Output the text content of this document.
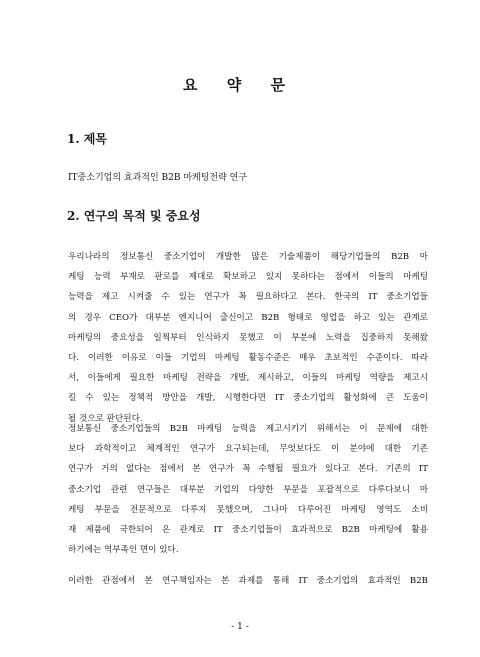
요 약 문
1. 제목
IT중소기업의 효과적인 B2B 마케팅전략 연구
2. 연구의 목적 및 중요성
우리나라의 정보통신 중소기업이 개발한 많은 기술제품이 해당기업들의 B2B 마
케팅 능력 부재로 판로를 제대로 확보하고 있지 못하다는 점에서 이들의 마케팅
능력을 제고 시켜줄 수 있는 연구가 꼭 필요하다고 본다. 한국의 IT 중소기업들
의 경우 CEO가 대부분 엔지니어 출신이고 B2B 형태로 영업을 하고 있는 관계로
마케팅의 중요성을 일찍부터 인식하지 못했고 이 부분에 노력을 집중하지 못해왔
다. 이러한 이유로 이들 기업의 마케팅 활동수준은 매우 초보적인 수준이다. 따라
서, 이들에게 필요한 마케팅 전략을 개발, 제시하고, 이들의 마케팅 역량을 제고시
킬 수 있는 정책적 방안을 개발, 시행한다면 IT 중소기업의 활성화에 큰 도움이
될 것으로 판단된다.
정보통신 중소기업들의 B2B 마케팅 능력을 제고시키기 위해서는 이 문제에 대한
보다 과학적이고 체계적인 연구가 요구되는데, 무엇보다도 이 분야에 대한 기존
연구가 거의 없다는 점에서 본 연구가 꼭 수행될 필요가 있다고 본다. 기존의 IT
중소기업 관련 연구들은 대부분 기업의 다양한 부문을 포괄적으로 다루다보니 마
케팅 부문을 전문적으로 다루지 못했으며, 그나마 다루어진 마케팅 영역도 소비
재 제품에 국한되어 온 관계로 IT 중소기업들이 효과적으로 B2B 마케팅에 활용
하기에는 역부족인 면이 있다.
이러한 관점에서 본 연구책임자는 본 과제를 통해 IT 중소기업의 효과적인 B2B
- 1 -
